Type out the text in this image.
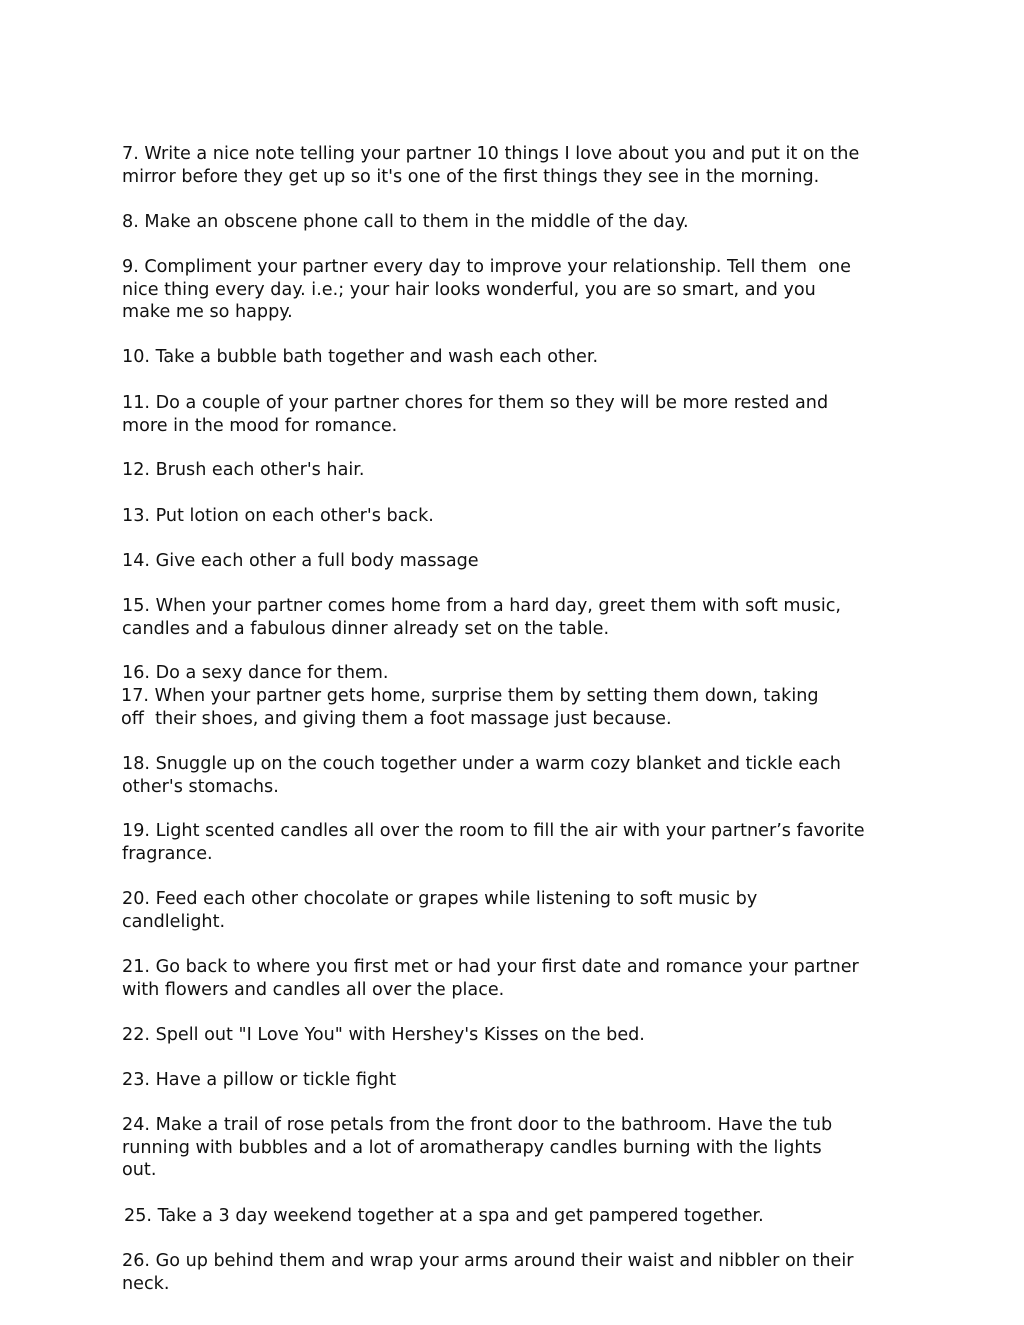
7. Write a nice note telling your partner 10 things I love about you and put it on the
mirror before they get up so it's one of the first things they see in the morning.

8. Make an obscene phone call to them in the middle of the day.

9. Compliment your partner every day to improve your relationship. Tell them  one
nice thing every day. i.e.; your hair looks wonderful, you are so smart, and you
make me so happy.

10. Take a bubble bath together and wash each other.

11. Do a couple of your partner chores for them so they will be more rested and
more in the mood for romance.

12. Brush each other's hair.

13. Put lotion on each other's back.

14. Give each other a full body massage

15. When your partner comes home from a hard day, greet them with soft music,
candles and a fabulous dinner already set on the table.

16. Do a sexy dance for them.

17. When your partner gets home, surprise them by setting them down, taking
off  their shoes, and giving them a foot massage just because.

18. Snuggle up on the couch together under a warm cozy blanket and tickle each
other's stomachs.

19. Light scented candles all over the room to fill the air with your partner’s favorite
fragrance.

20. Feed each other chocolate or grapes while listening to soft music by
candlelight.

21. Go back to where you first met or had your first date and romance your partner
with flowers and candles all over the place.

22. Spell out "I Love You" with Hershey's Kisses on the bed.

23. Have a pillow or tickle fight

24. Make a trail of rose petals from the front door to the bathroom. Have the tub
running with bubbles and a lot of aromatherapy candles burning with the lights
out.

25. Take a 3 day weekend together at a spa and get pampered together.

26. Go up behind them and wrap your arms around their waist and nibbler on their
neck.
